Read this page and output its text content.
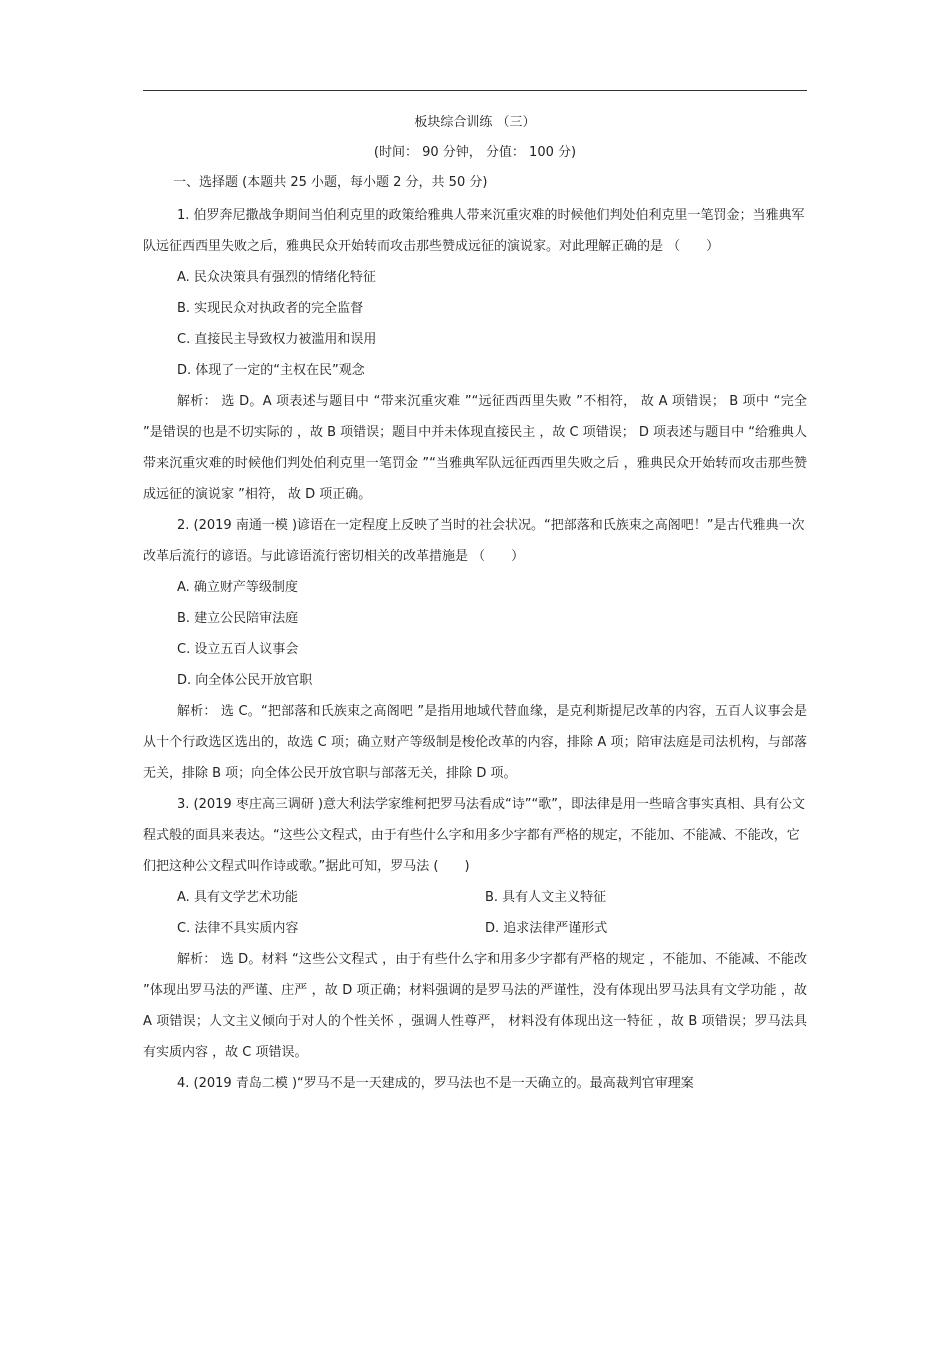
板块综合训练 （三）

(时间： 90 分钟， 分值： 100 分)

一、选择题 (本题共 25 小题，每小题 2 分，共 50 分)

1. 伯罗奔尼撒战争期间当伯利克里的政策给雅典人带来沉重灾难的时候他们判处伯利克里一笔罚金；当雅典军队远征西西里失败之后，雅典民众开始转而攻击那些赞成远征的演说家。对此理解正确的是 （　　）

A. 民众决策具有强烈的情绪化特征

B. 实现民众对执政者的完全监督

C. 直接民主导致权力被滥用和误用

D. 体现了一定的“主权在民”观念

解析： 选 D。A 项表述与题目中 “带来沉重灾难 ”“远征西西里失败 ”不相符， 故 A 项错误； B 项中 “完全 ”是错误的也是不切实际的 ，故 B 项错误；题目中并未体现直接民主 ，故 C 项错误； D 项表述与题目中 “给雅典人带来沉重灾难的时候他们判处伯利克里一笔罚金 ”“当雅典军队远征西西里失败之后 ，雅典民众开始转而攻击那些赞成远征的演说家 ”相符， 故 D 项正确。

2. (2019 南通一模 )谚语在一定程度上反映了当时的社会状况。“把部落和氏族束之高阁吧！”是古代雅典一次改革后流行的谚语。与此谚语流行密切相关的改革措施是 （　　）

A. 确立财产等级制度

B. 建立公民陪审法庭

C. 设立五百人议事会

D. 向全体公民开放官职

解析： 选 C。“把部落和氏族束之高阁吧 ”是指用地域代替血缘，是克利斯提尼改革的内容，五百人议事会是从十个行政选区选出的，故选 C 项；确立财产等级制是梭伦改革的内容，排除 A 项；陪审法庭是司法机构，与部落无关，排除 B 项；向全体公民开放官职与部落无关，排除 D 项。

3. (2019 枣庄高三调研 )意大利法学家维柯把罗马法看成“诗”“歌”，即法律是用一些暗含事实真相、具有公文程式般的面具来表达。“这些公文程式，由于有些什么字和用多少字都有严格的规定，不能加、不能减、不能改，它们把这种公文程式叫作诗或歌。”据此可知，罗马法 (　　)

A. 具有文学艺术功能	B. 具有人文主义特征
C. 法律不具实质内容	D. 追求法律严谨形式

解析： 选 D。材料 “这些公文程式 ，由于有些什么字和用多少字都有严格的规定 ，不能加、不能减、不能改 ”体现出罗马法的严谨、庄严 ，故 D 项正确；材料强调的是罗马法的严谨性，没有体现出罗马法具有文学功能 ，故 A 项错误；人文主义倾向于对人的个性关怀 ，强调人性尊严， 材料没有体现出这一特征 ，故 B 项错误；罗马法具有实质内容 ，故 C 项错误。

4. (2019 青岛二模 )“罗马不是一天建成的，罗马法也不是一天确立的。最高裁判官审理案
